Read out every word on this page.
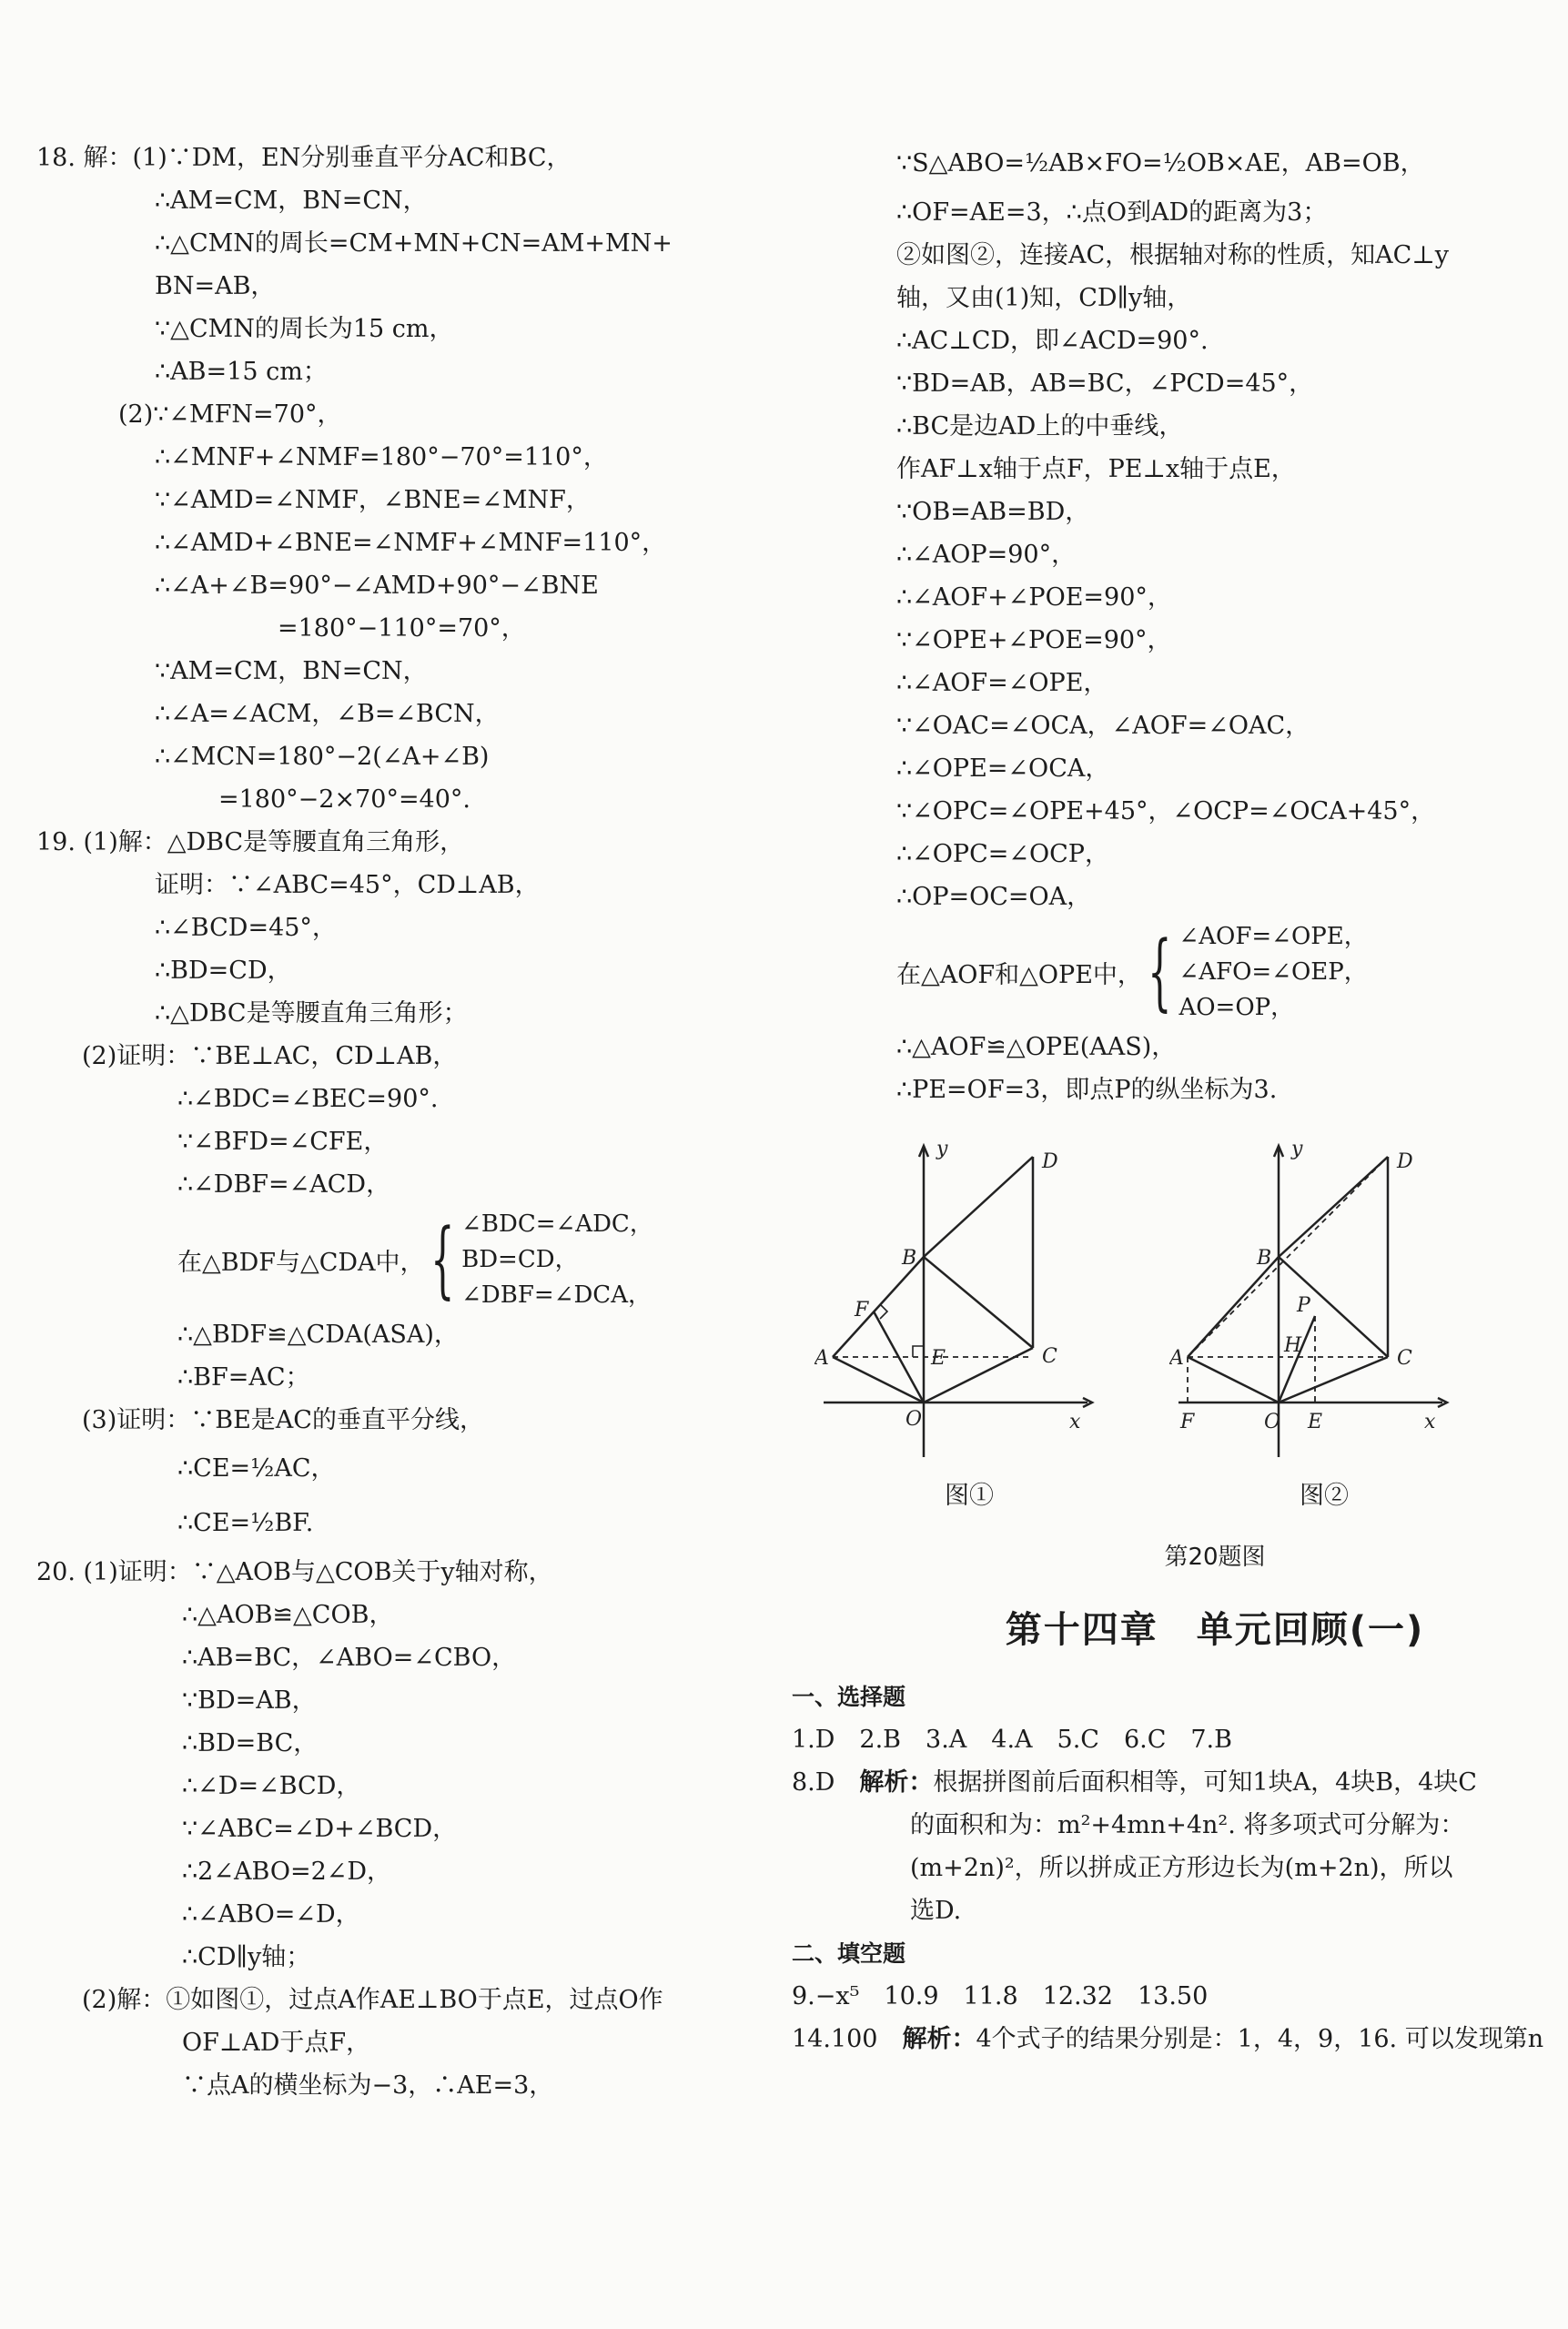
18. 解：(1)∵DM，EN分别垂直平分AC和BC，
∴AM=CM，BN=CN，
∴△CMN的周长=CM+MN+CN=AM+MN+
BN=AB，
∵△CMN的周长为15 cm，
∴AB=15 cm；
(2)∵∠MFN=70°，
∴∠MNF+∠NMF=180°−70°=110°，
∵∠AMD=∠NMF，∠BNE=∠MNF，
∴∠AMD+∠BNE=∠NMF+∠MNF=110°，
∴∠A+∠B=90°−∠AMD+90°−∠BNE
=180°−110°=70°，
∵AM=CM，BN=CN，
∴∠A=∠ACM，∠B=∠BCN，
∴∠MCN=180°−2(∠A+∠B)
=180°−2×70°=40°.
19. (1)解：△DBC是等腰直角三角形，
证明：∵∠ABC=45°，CD⊥AB，
∴∠BCD=45°，
∴BD=CD，
∴△DBC是等腰直角三角形；
(2)证明：∵BE⊥AC，CD⊥AB，
∴∠BDC=∠BEC=90°.
∵∠BFD=∠CFE，
∴∠DBF=∠ACD，
在△BDF与△CDA中， { ∠BDC=∠ADC，
BD=CD，
∠DBF=∠DCA，
∴△BDF≌△CDA(ASA)，
∴BF=AC；
(3)证明：∵BE是AC的垂直平分线，
∴CE=½AC，
∴CE=½BF.
20. (1)证明：∵△AOB与△COB关于y轴对称，
∴△AOB≌△COB，
∴AB=BC，∠ABO=∠CBO，
∵BD=AB，
∴BD=BC，
∴∠D=∠BCD，
∵∠ABC=∠D+∠BCD，
∴2∠ABO=2∠D，
∴∠ABO=∠D，
∴CD∥y轴；
(2)解：①如图①，过点A作AE⊥BO于点E，过点O作
OF⊥AD于点F，
∵点A的横坐标为−3，∴AE=3，
∵S△ABO=½AB×FO=½OB×AE，AB=OB，
∴OF=AE=3，∴点O到AD的距离为3；
②如图②，连接AC，根据轴对称的性质，知AC⊥y
轴，又由(1)知，CD∥y轴，
∴AC⊥CD，即∠ACD=90°.
∵BD=AB，AB=BC，∠PCD=45°，
∴BC是边AD上的中垂线，
作AF⊥x轴于点F，PE⊥x轴于点E，
∵OB=AB=BD，
∴∠AOP=90°，
∴∠AOF+∠POE=90°，
∵∠OPE+∠POE=90°，
∴∠AOF=∠OPE，
∵∠OAC=∠OCA，∠AOF=∠OAC，
∴∠OPE=∠OCA，
∵∠OPC=∠OPE+45°，∠OCP=∠OCA+45°，
∴∠OPC=∠OCP，
∴OP=OC=OA，
在△AOF和△OPE中， { ∠AOF=∠OPE，
∠AFO=∠OEP，
AO=OP，
∴△AOF≌△OPE(AAS)，
∴PE=OF=3，即点P的纵坐标为3.
y
D
B
F
A	E	C
O	x
图①
y
D
B
P
H
A	C
F	O E	x
图②
第20题图
第十四章　单元回顾(一)
一、选择题
1.D　2.B　3.A　4.A　5.C　6.C　7.B
8.D　 解析：根据拼图前后面积相等，可知1块A，4块B，4块C
的面积和为：m²+4mn+4n². 将多项式可分解为：
(m+2n)²，所以拼成正方形边长为(m+2n)，所以
选D.
二、填空题
9.−x⁵　10.9　11.8　12.32　13.50
14.100　 解析：4个式子的结果分别是：1，4，9，16. 可以发现第n
